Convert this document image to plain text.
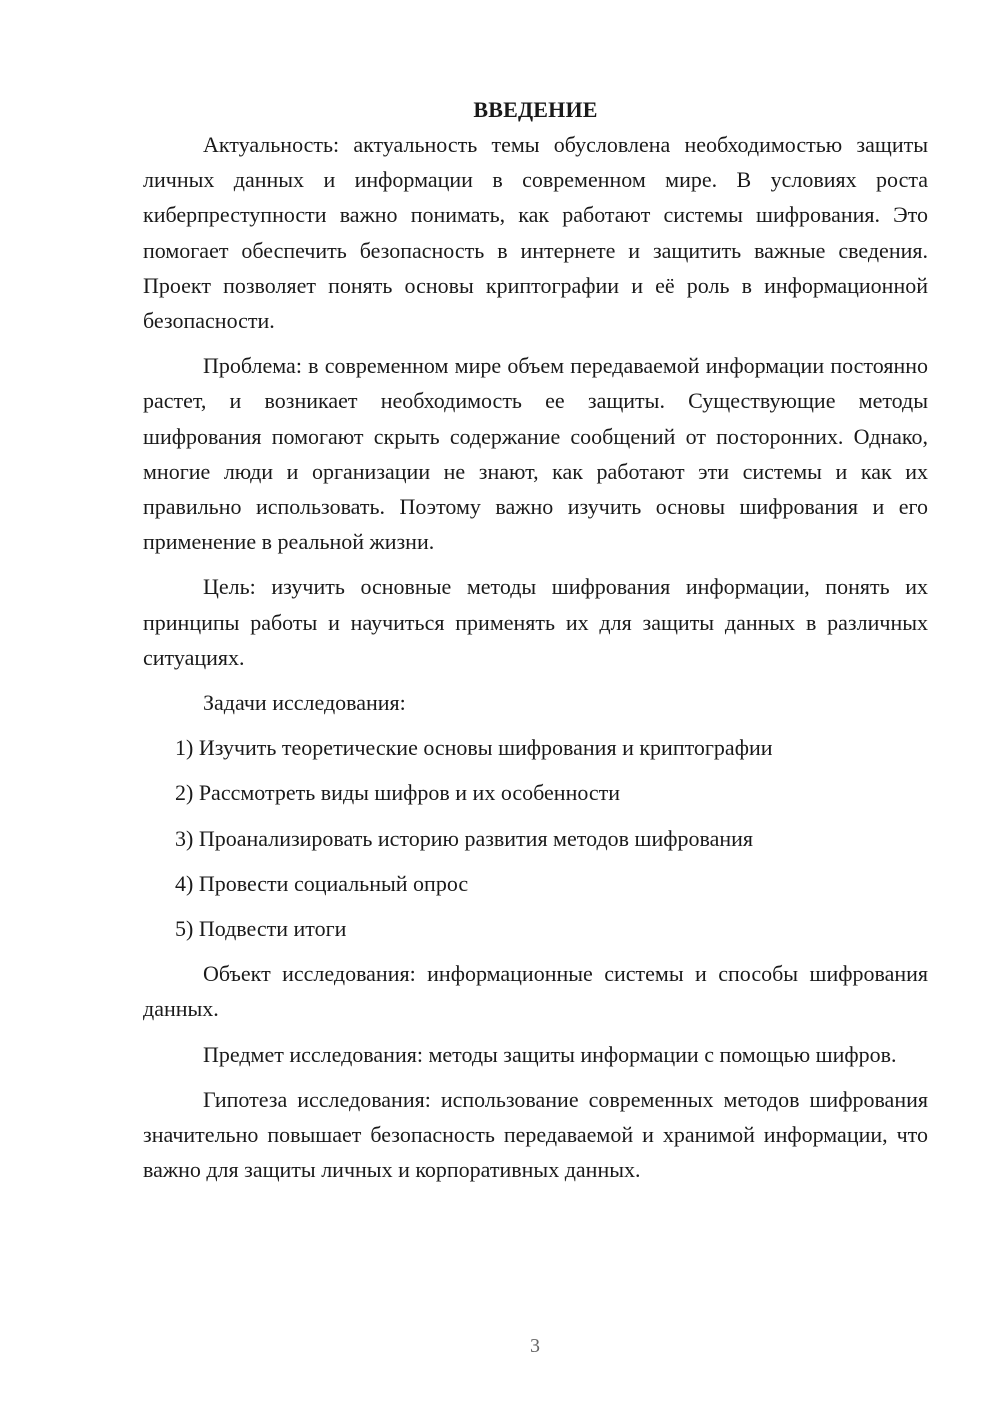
ВВЕДЕНИЕ

Актуальность: актуальность темы обусловлена необходимостью защиты личных данных и информации в современном мире. В условиях роста киберпреступности важно понимать, как работают системы шифрования. Это помогает обеспечить безопасность в интернете и защитить важные сведения. Проект позволяет понять основы криптографии и её роль в информационной безопасности.

Проблема: в современном мире объем передаваемой информации постоянно растет, и возникает необходимость ее защиты. Существующие методы шифрования помогают скрыть содержание сообщений от посторонних. Однако, многие люди и организации не знают, как работают эти системы и как их правильно использовать. Поэтому важно изучить основы шифрования и его применение в реальной жизни.

Цель: изучить основные методы шифрования информации, понять их принципы работы и научиться применять их для защиты данных в различных ситуациях.

Задачи исследования:

1) Изучить теоретические основы шифрования и криптографии
2) Рассмотреть виды шифров и их особенности
3) Проанализировать историю развития методов шифрования
4) Провести социальный опрос
5) Подвести итоги

Объект исследования: информационные системы и способы шифрования данных.

Предмет исследования: методы защиты информации с помощью шифров.

Гипотеза исследования: использование современных методов шифрования значительно повышает безопасность передаваемой и хранимой информации, что важно для защиты личных и корпоративных данных.

3
